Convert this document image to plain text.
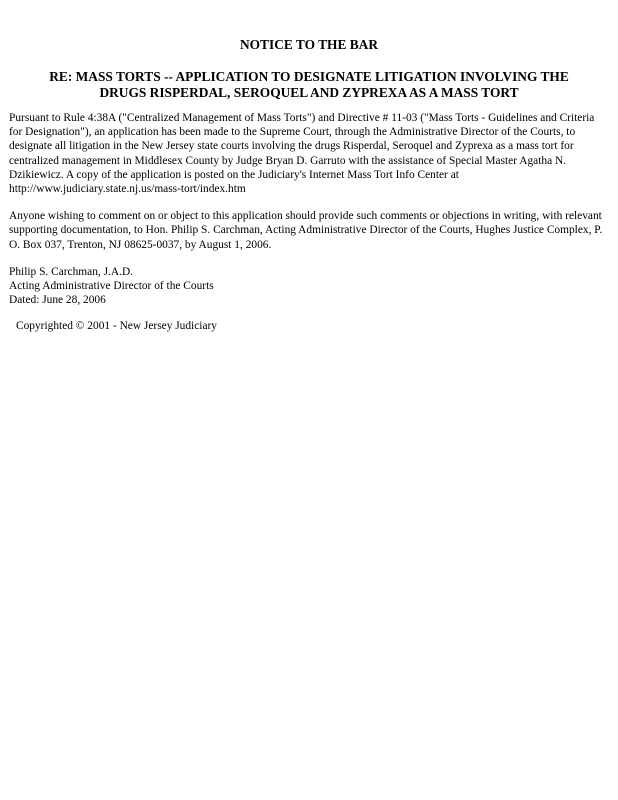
NOTICE TO THE BAR
RE: MASS TORTS -- APPLICATION TO DESIGNATE LITIGATION INVOLVING THE
DRUGS RISPERDAL, SEROQUEL AND ZYPREXA AS A MASS TORT

Pursuant to Rule 4:38A ("Centralized Management of Mass Torts") and Directive # 11-03 ("Mass Torts - Guidelines and Criteria for Designation"), an application has been made to the Supreme Court, through the Administrative Director of the Courts, to designate all litigation in the New Jersey state courts involving the drugs Risperdal, Seroquel and Zyprexa as a mass tort for centralized management in Middlesex County by Judge Bryan D. Garruto with the assistance of Special Master Agatha N. Dzikiewicz. A copy of the application is posted on the Judiciary's Internet Mass Tort Info Center at http://www.judiciary.state.nj.us/mass-tort/index.htm

Anyone wishing to comment on or object to this application should provide such comments or objections in writing, with relevant supporting documentation, to Hon. Philip S. Carchman, Acting Administrative Director of the Courts, Hughes Justice Complex, P. O. Box 037, Trenton, NJ 08625-0037, by August 1, 2006.

Philip S. Carchman, J.A.D.
Acting Administrative Director of the Courts
Dated: June 28, 2006
Copyrighted © 2001 - New Jersey Judiciary
